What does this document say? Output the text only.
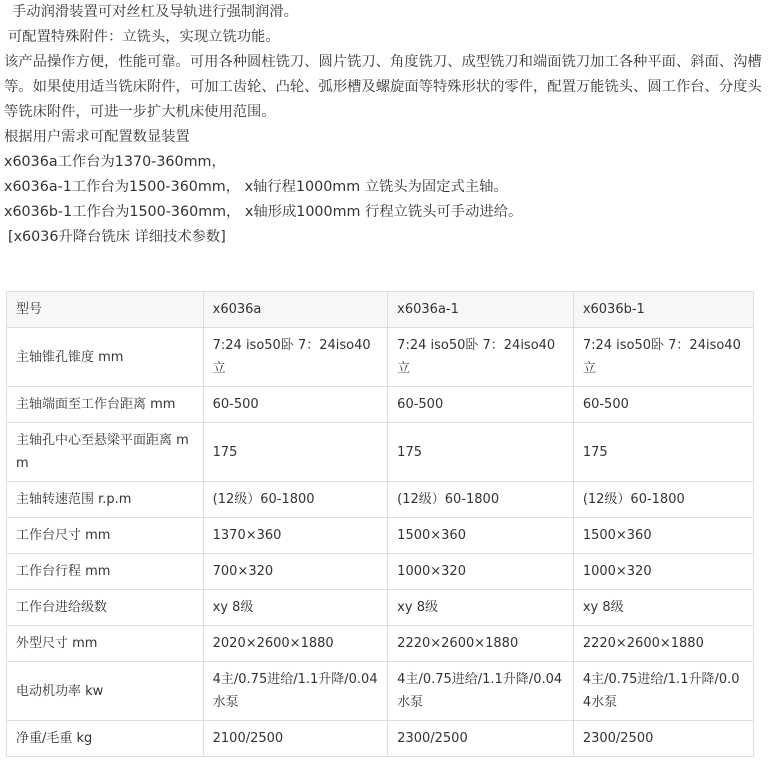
手动润滑装置可对丝杠及导轨进行强制润滑。

可配置特殊附件：立铣头，实现立铣功能。

该产品操作方便，性能可靠。可用各种圆柱铣刀、圆片铣刀、角度铣刀、成型铣刀和端面铣刀加工各种平面、斜面、沟槽等。如果使用适当铣床附件，可加工齿轮、凸轮、弧形槽及螺旋面等特殊形状的零件，配置万能铣头、圆工作台、分度头等铣床附件，可进一步扩大机床使用范围。

根据用户需求可配置数显装置

x6036a工作台为1370-360mm，

x6036a-1工作台为1500-360mm， x轴行程1000mm 立铣头为固定式主轴。

x6036b-1工作台为1500-360mm， x轴形成1000mm 行程立铣头可手动进给。

[x6036升降台铣床 详细技术参数]

型号	x6036a	x6036a-1	x6036b-1
主轴锥孔锥度 mm	7:24 iso50卧 7：24iso40立	7:24 iso50卧 7：24iso40立	7:24 iso50卧 7：24iso40立
主轴端面至工作台距离 mm	60-500	60-500	60-500
主轴孔中心至悬梁平面距离 mm	175	175	175
主轴转速范围 r.p.m	(12级）60-1800	(12级）60-1800	(12级）60-1800
工作台尺寸 mm	1370×360	1500×360	1500×360
工作台行程 mm	700×320	1000×320	1000×320
工作台进给级数	xy 8级	xy 8级	xy 8级
外型尺寸 mm	2020×2600×1880	2220×2600×1880	2220×2600×1880
电动机功率 kw	4主/0.75进给/1.1升降/0.04水泵	4主/0.75进给/1.1升降/0.04水泵	4主/0.75进给/1.1升降/0.04水泵
净重/毛重 kg	2100/2500	2300/2500	2300/2500
